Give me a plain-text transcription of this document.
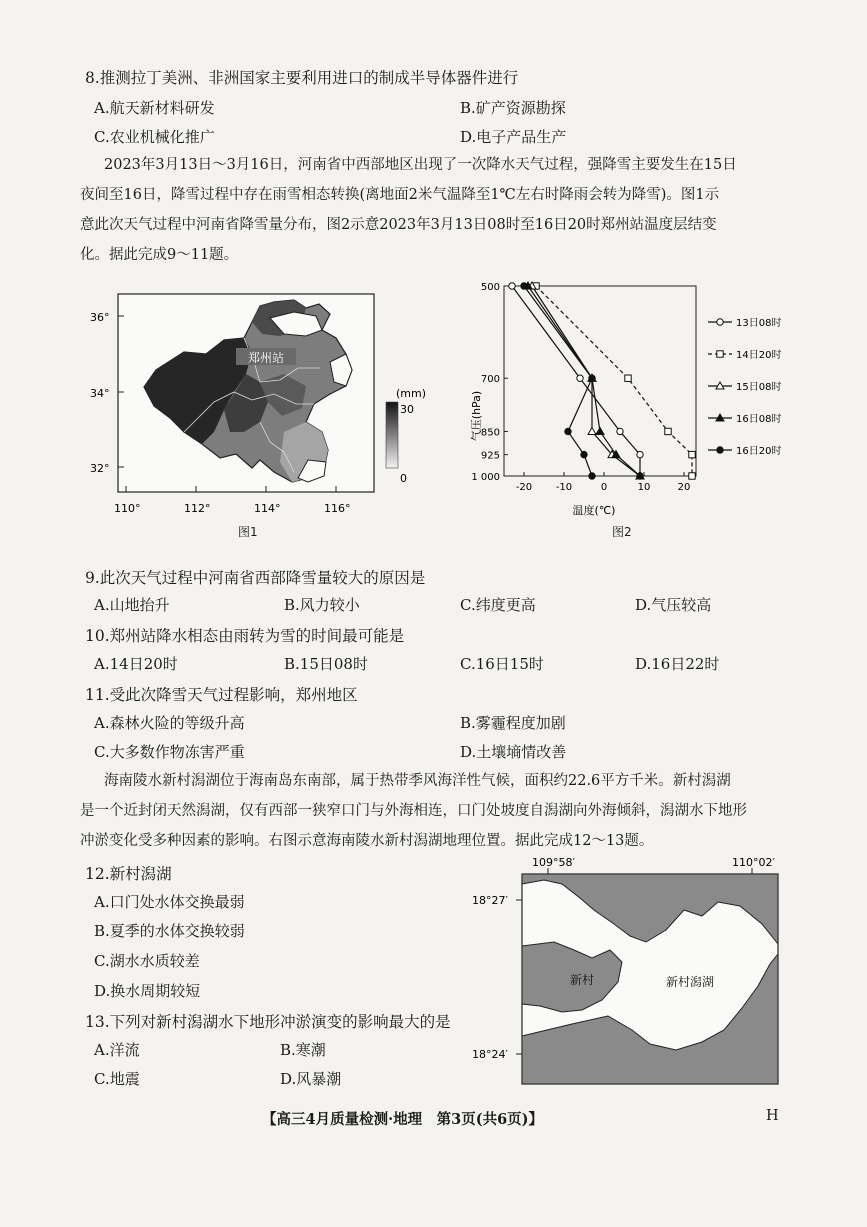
8.推测拉丁美洲、非洲国家主要利用进口的制成半导体器件进行
A.航天新材料研发	B.矿产资源勘探
C.农业机械化推广	D.电子产品生产
2023年3月13日～3月16日，河南省中西部地区出现了一次降水天气过程，强降雪主要发生在15日
夜间至16日，降雪过程中存在雨雪相态转换(离地面2米气温降至1℃左右时降雨会转为降雪)。图1示
意此次天气过程中河南省降雪量分布，图2示意2023年3月13日08时至16日20时郑州站温度层结变
化。据此完成9～11题。
郑州站
36°
34°
32°
110°	112°	114°	116°
(mm)
30
0
图1
气压(hPa)
温度(℃)
500
700
850
925
1 000
-20 -10	0	10	20
13日08时
14日20时
15日08时
16日08时
16日20时
图2
9.此次天气过程中河南省西部降雪量较大的原因是
A.山地抬升	B.风力较小	C.纬度更高	D.气压较高
10.郑州站降水相态由雨转为雪的时间最可能是
A.14日20时	B.15日08时	C.16日15时	D.16日22时
11.受此次降雪天气过程影响，郑州地区
A.森林火险的等级升高	B.雾霾程度加剧
C.大多数作物冻害严重	D.土壤墒情改善
海南陵水新村潟湖位于海南岛东南部，属于热带季风海洋性气候，面积约22.6平方千米。新村潟湖
是一个近封闭天然潟湖，仅有西部一狭窄口门与外海相连，口门处坡度自潟湖向外海倾斜，潟湖水下地形
冲淤变化受多种因素的影响。右图示意海南陵水新村潟湖地理位置。据此完成12～13题。
12.新村潟湖
A.口门处水体交换最弱
B.夏季的水体交换较弱
C.湖水水质较差
D.换水周期较短
13.下列对新村潟湖水下地形冲淤演变的影响最大的是
A.洋流	B.寒潮
C.地震	D.风暴潮
新村	新村潟湖
109°58′	110°02′
18°27′
18°24′
【高三4月质量检测·地理　第3页(共6页)】	H
